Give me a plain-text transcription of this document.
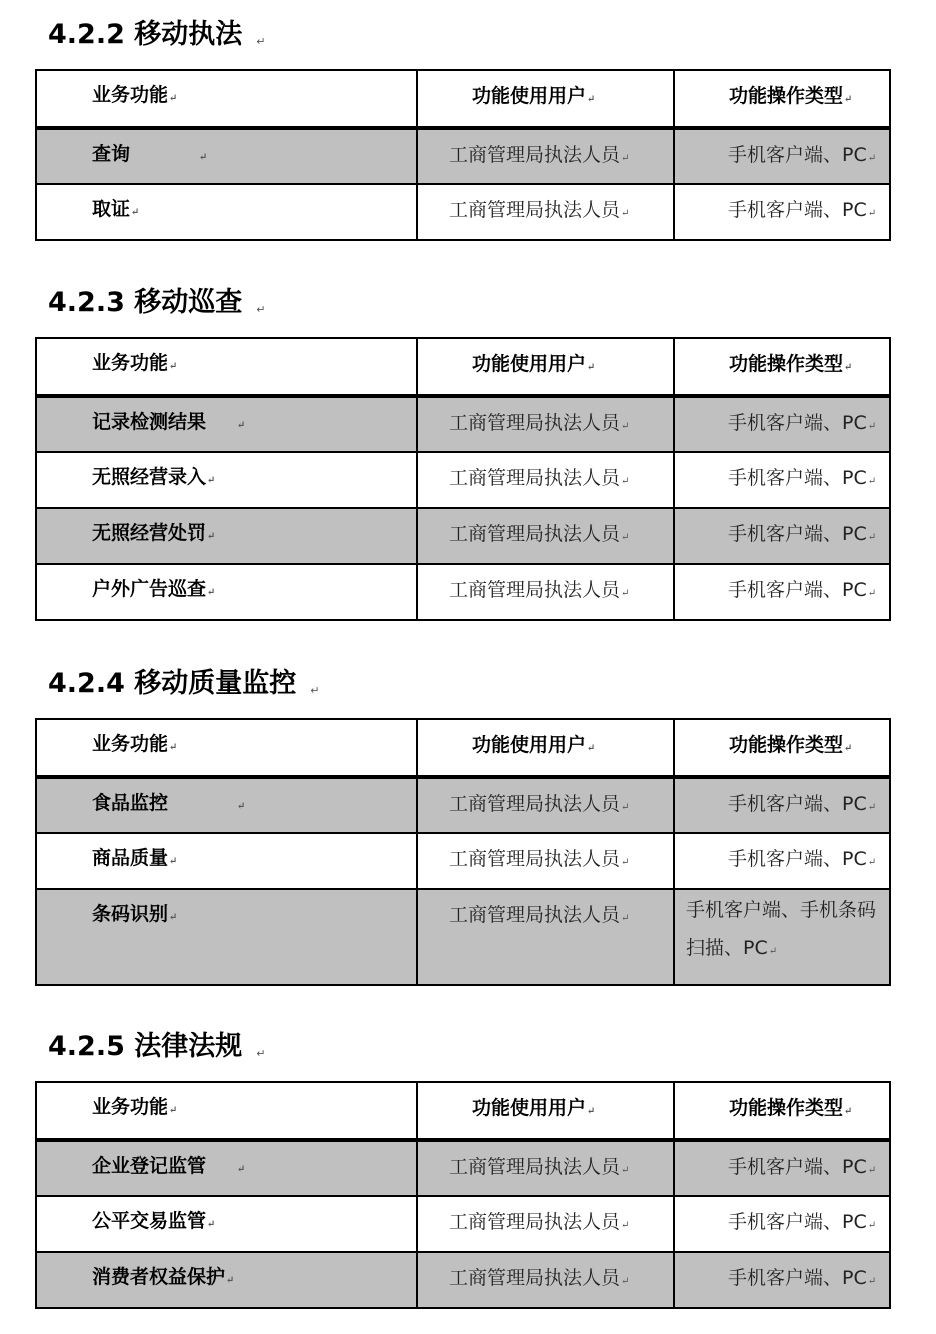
4.2.2 移动执法 ↵
业务功能↵	功能使用用户↵	功能操作类型↵

查询 ↵	工商管理局执法人员↵	手机客户端、PC↵

取证↵	工商管理局执法人员↵	手机客户端、PC↵
4.2.3 移动巡查 ↵
业务功能↵	功能使用用户↵	功能操作类型↵

记录检测结果 ↵	工商管理局执法人员↵	手机客户端、PC↵

无照经营录入↵	工商管理局执法人员↵	手机客户端、PC↵

无照经营处罚↵	工商管理局执法人员↵	手机客户端、PC↵

户外广告巡查↵	工商管理局执法人员↵	手机客户端、PC↵
4.2.4 移动质量监控 ↵
业务功能↵	功能使用用户↵	功能操作类型↵

食品监控 ↵	工商管理局执法人员↵	手机客户端、PC↵

商品质量↵	工商管理局执法人员↵	手机客户端、PC↵

条码识别↵	工商管理局执法人员↵	手机客户端、手机条码扫描、PC↵
4.2.5 法律法规 ↵
业务功能↵	功能使用用户↵	功能操作类型↵

企业登记监管 ↵	工商管理局执法人员↵	手机客户端、PC↵

公平交易监管↵	工商管理局执法人员↵	手机客户端、PC↵

消费者权益保护↵	工商管理局执法人员↵	手机客户端、PC↵
